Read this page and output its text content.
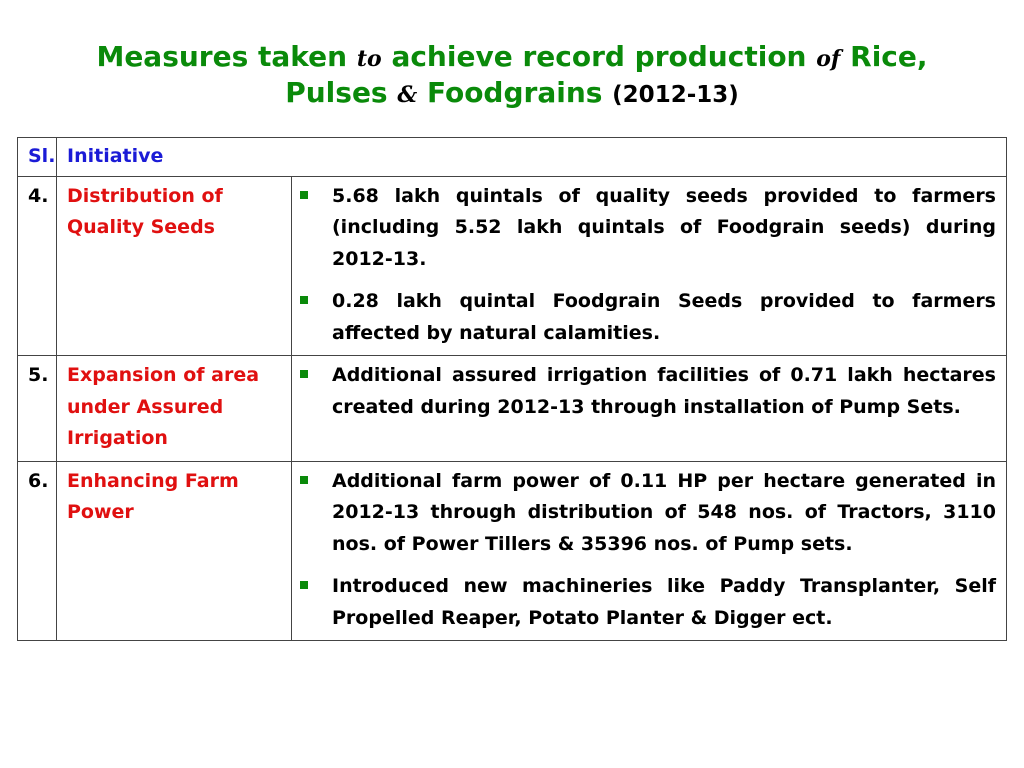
Measures taken to achieve record production of Rice,
Pulses & Foodgrains (2012-13)
Sl.	Initiative	
4.	Distribution of Quality Seeds	5.68 lakh quintals of quality seeds provided to farmers (including 5.52 lakh quintals of Foodgrain seeds) during 2012-13.
0.28 lakh quintal Foodgrain Seeds provided to farmers affected by natural calamities.

5.	Expansion of area under Assured Irrigation	Additional assured irrigation facilities of 0.71 lakh hectares created during 2012-13 through installation of Pump Sets.

6.	Enhancing Farm Power	Additional farm power of 0.11 HP per hectare generated in 2012-13 through distribution of 548 nos. of Tractors, 3110 nos. of Power Tillers & 35396 nos. of Pump sets.
Introduced new machineries like Paddy Transplanter, Self Propelled Reaper, Potato Planter & Digger ect.
